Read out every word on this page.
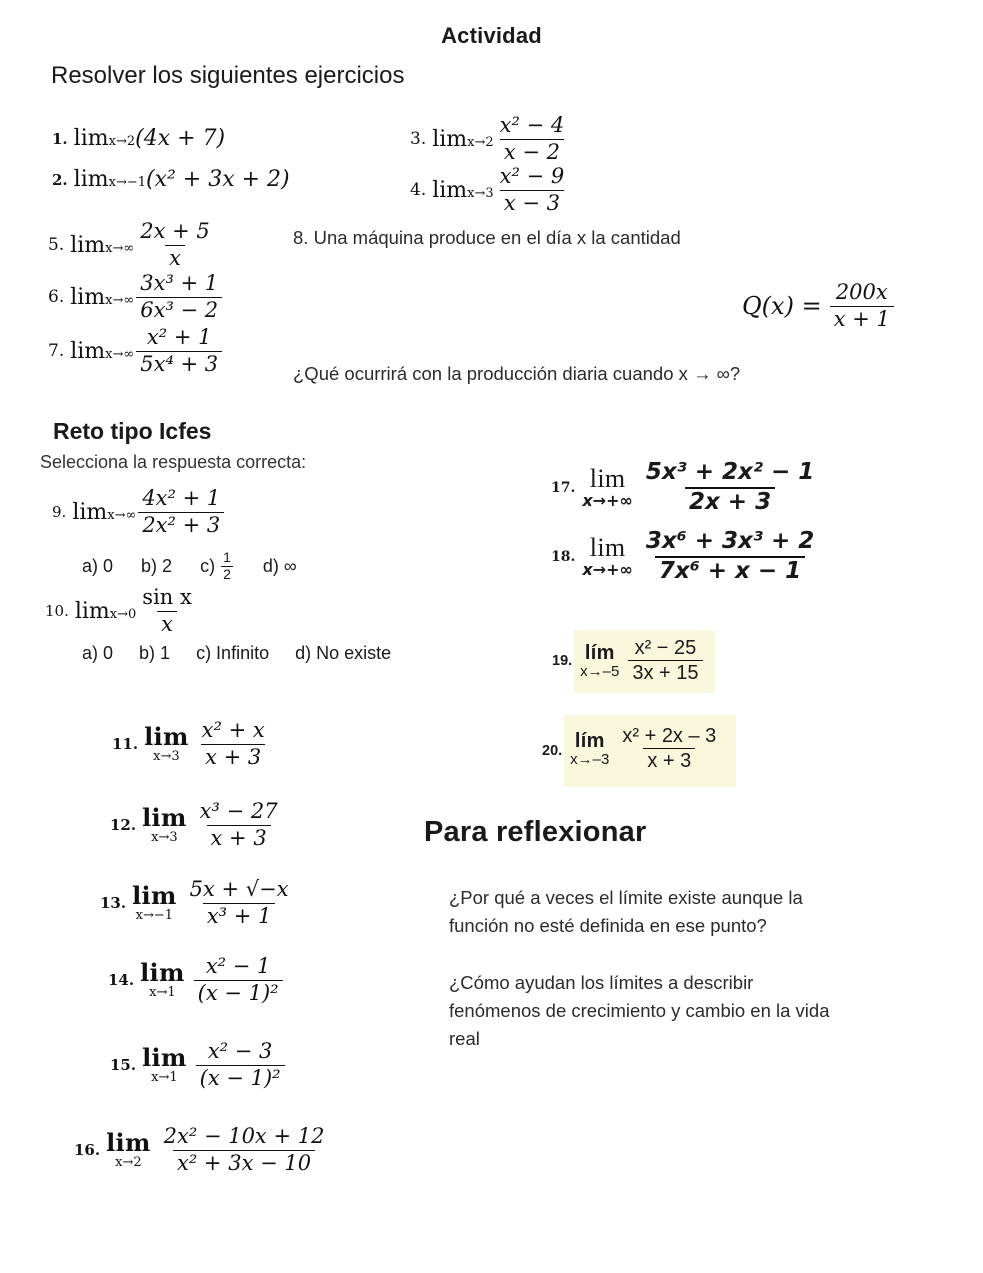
Actividad
Resolver los siguientes ejercicios
1. limx→2(4x + 7)
2. limx→−1(x² + 3x + 2)
3. $\lim x\to 2 \frac{\text{x² − 4}}{x - 2}$
4. $\lim x\to 3 \frac{\text{x² − 9}}{x - 3}$
5. $\lim x\to\infty \frac{2x + 5}{x}$
6. $\lim x\to\infty \frac{\text{3x³ + 1}}{\text{6x³ − 2}}$
7. $\lim x\to\infty \frac{\text{x² + 1}}{\text{5x⁴ + 3}}$
8. Una máquina produce en el día x la cantidad
$Q(x) = \frac{200x}{x + 1}$
¿Qué ocurrirá con la producción diaria cuando x → ∞?
Reto tipo Icfes
Selecciona la respuesta correcta:
9. $\lim x\to\infty \frac{\text{4x² + 1}}{\text{2x² + 3}}$
a) 0 b) 2 $c) \frac{1}{2} d$) ∞
10. $\lim x\to 0 \frac{\text{sin x}}{x}$
a) 0 b) 1 c) Infinito d) No existe
11. lim
$x\to 3 \frac{\text{x² + x}}{x + 3}$
12. lim
$x\to 3 \frac{\text{x³ − 27}}{x + 3}$
13. lim
$x\to-1 \frac{5x + √-x}{\text{x³ + 1}}$
14. lim
$x\to 1 \frac{\text{x² − 1}}{\text{(x − 1)²}}$
15. lim
$x\to 1 \frac{\text{x² − 3}}{\text{(x − 1)²}}$
16. lim
$x\to 2 \frac{\text{2x² − 10x + 12}}{\text{x² + 3x − 10}}$
17. lim
$x\to+\infty \frac{\text{5x³ + 2x² − 1}}{2x + 3}$
18. lim
$x\to+\infty \frac{\text{3x⁶ + 3x³ + 2}}{\text{7x⁶ + x − 1}}$
19. lím
$x\to-5 \frac{\text{x² − 25}}{3x + 15}$
20. lím
$x\to-3 \frac{\text{x² + 2x – 3}}{x + 3}$
Para reflexionar
¿Por qué a veces el límite existe aunque la
función no esté definida en ese punto?
¿Cómo ayudan los límites a describir
fenómenos de crecimiento y cambio en la vida
real
